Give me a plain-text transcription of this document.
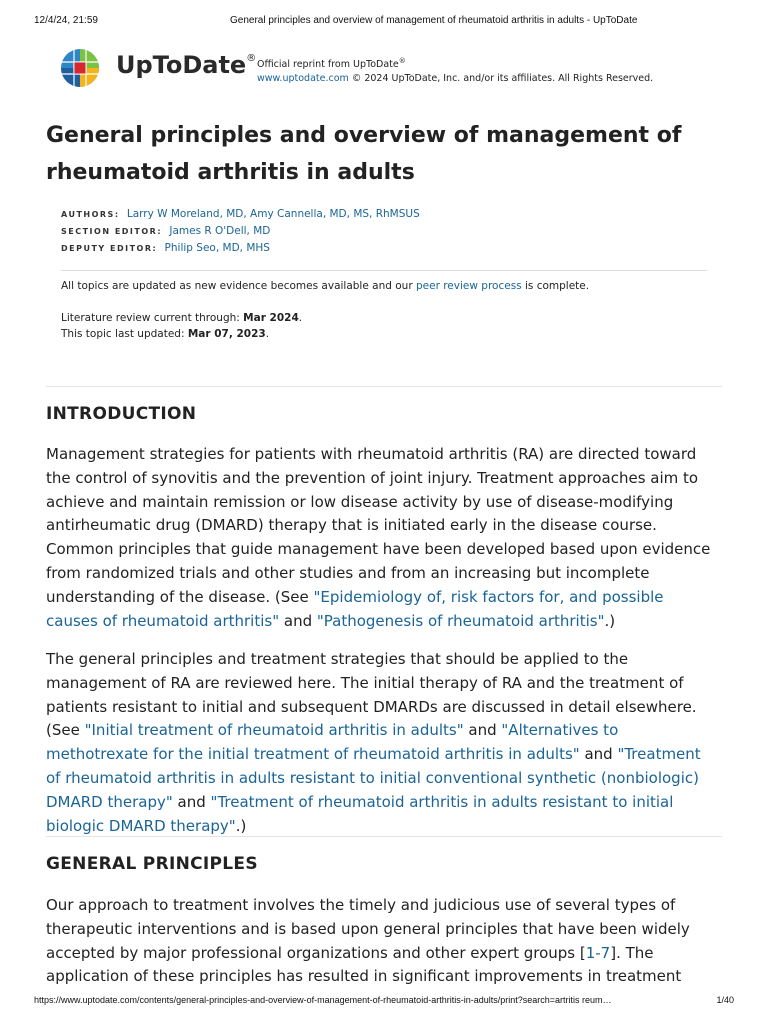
12/4/24, 21:59	General principles and overview of management of rheumatoid arthritis in adults - UpToDate
UpToDate®
Official reprint from UpToDate®
www.uptodate.com © 2024 UpToDate, Inc. and/or its affiliates. All Rights Reserved.
General principles and overview of management of rheumatoid arthritis in adults
AUTHORS: Larry W Moreland, MD, Amy Cannella, MD, MS, RhMSUS
SECTION EDITOR: James R O'Dell, MD
DEPUTY EDITOR: Philip Seo, MD, MHS
All topics are updated as new evidence becomes available and our peer review process is complete.
Literature review current through: Mar 2024.
This topic last updated: Mar 07, 2023.
INTRODUCTION

Management strategies for patients with rheumatoid arthritis (RA) are directed toward the control of synovitis and the prevention of joint injury. Treatment approaches aim to achieve and maintain remission or low disease activity by use of disease-modifying antirheumatic drug (DMARD) therapy that is initiated early in the disease course. Common principles that guide management have been developed based upon evidence from randomized trials and other studies and from an increasing but incomplete understanding of the disease. (See "Epidemiology of, risk factors for, and possible causes of rheumatoid arthritis" and "Pathogenesis of rheumatoid arthritis".)

The general principles and treatment strategies that should be applied to the management of RA are reviewed here. The initial therapy of RA and the treatment of patients resistant to initial and subsequent DMARDs are discussed in detail elsewhere. (See "Initial treatment of rheumatoid arthritis in adults" and "Alternatives to methotrexate for the initial treatment of rheumatoid arthritis in adults" and "Treatment of rheumatoid arthritis in adults resistant to initial conventional synthetic (nonbiologic) DMARD therapy" and "Treatment of rheumatoid arthritis in adults resistant to initial biologic DMARD therapy".)

GENERAL PRINCIPLES

Our approach to treatment involves the timely and judicious use of several types of therapeutic interventions and is based upon general principles that have been widely accepted by major professional organizations and other expert groups [1-7]. The application of these principles has resulted in significant improvements in treatment

https://www.uptodate.com/contents/general-principles-and-overview-of-management-of-rheumatoid-arthritis-in-adults/print?search=artritis reum…	1/40
